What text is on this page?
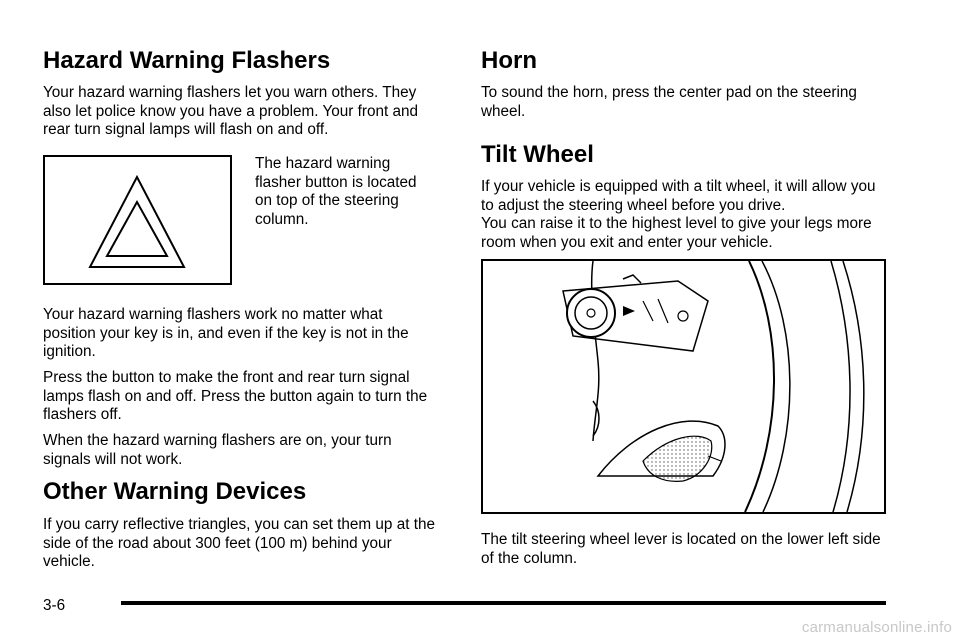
Hazard Warning Flashers

Your hazard warning flashers let you warn others. They also let police know you have a problem. Your front and rear turn signal lamps will flash on and off.

The hazard warning flasher button is located on top of the steering column.

Your hazard warning flashers work no matter what position your key is in, and even if the key is not in the ignition.

Press the button to make the front and rear turn signal lamps flash on and off. Press the button again to turn the flashers off.

When the hazard warning flashers are on, your turn signals will not work.

Other Warning Devices

If you carry reflective triangles, you can set them up at the side of the road about 300 feet (100 m) behind your vehicle.

Horn

To sound the horn, press the center pad on the steering wheel.

Tilt Wheel

If your vehicle is equipped with a tilt wheel, it will allow you to adjust the steering wheel before you drive.

You can raise it to the highest level to give your legs more room when you exit and enter your vehicle.

The tilt steering wheel lever is located on the lower left side of the column.

3-6
carmanualsonline.info
